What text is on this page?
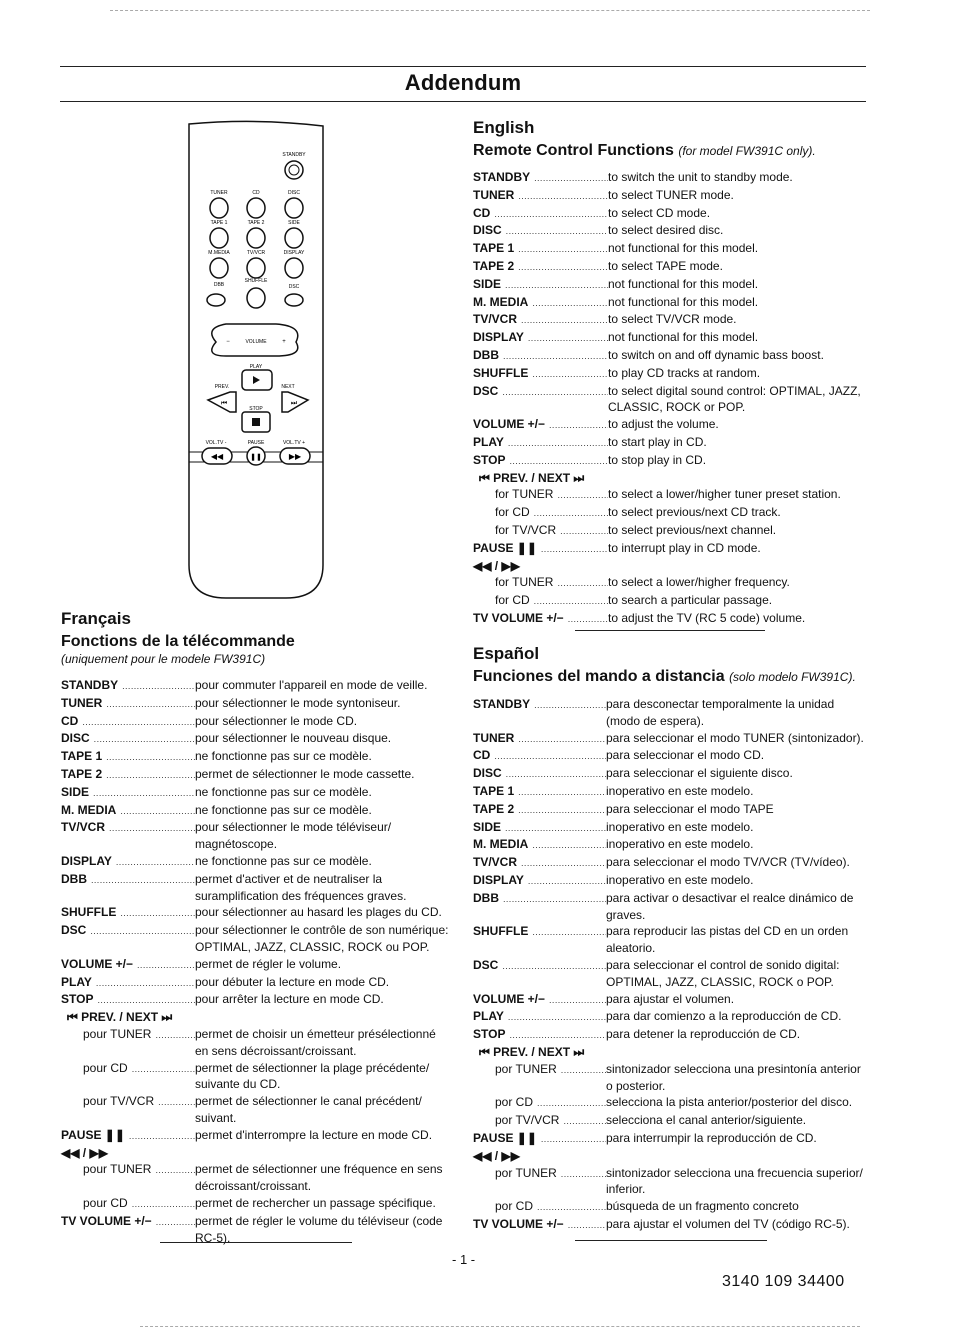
Addendum
STANDBY
TUNER	CD	DISC
TAPE 1	TAPE 2	SIDE
M.MEDIA	TV/VCR	DISPLAY
DBB
SHUFFLE
DSC
VOLUME
−	+
PLAY
PREV.	NEXT
⏮	⏭
STOP
VOL.TV -	PAUSE	VOL.TV +
◀◀	❚❚	▶▶
English
Remote Control Functions (for model FW391C only).
STANDBY .....	to switch the unit to standby mode.
TUNER .....	to select TUNER mode.
CD .....	to select CD mode.
DISC .....	to select desired disc.
TAPE 1 .....	not functional for this model.
TAPE 2 .....	to select TAPE mode.
SIDE .....	not functional for this model.
M. MEDIA .....	not functional for this model.
TV/VCR .....	to select TV/VCR mode.
DISPLAY .....	not functional for this model.
DBB .....	to switch on and off dynamic bass boost.
SHUFFLE .....	to play CD tracks at random.
DSC .....	to select digital sound control: OPTIMAL, JAZZ, CLASSIC, ROCK or POP.
VOLUME +/− .....	to adjust the volume.
PLAY .....	to start play in CD.
STOP .....	to stop play in CD.
⏮ PREV. / NEXT ⏭
for TUNER .....	to select a lower/higher tuner preset station.
for CD .....	to select previous/next CD track.
for TV/VCR .....	to select previous/next channel.
PAUSE ❚❚ .....	to interrupt play in CD mode.
◀◀ / ▶▶
for TUNER .....	to select a lower/higher frequency.
for CD .....	to search a particular passage.
TV VOLUME +/− .....	to adjust the TV (RC 5 code) volume.
Français
Fonctions de la télécommande
(uniquement pour le modele FW391C)
STANDBY .....	pour commuter l'appareil en mode de veille.
TUNER .....	pour sélectionner le mode syntoniseur.
CD .....	pour sélectionner le mode CD.
DISC .....	pour sélectionner le nouveau disque.
TAPE 1 .....	ne fonctionne pas sur ce modèle.
TAPE 2 .....	permet de sélectionner le mode cassette.
SIDE .....	ne fonctionne pas sur ce modèle.
M. MEDIA .....	ne fonctionne pas sur ce modèle.
TV/VCR .....	pour sélectionner le mode téléviseur/ magnétoscope.
DISPLAY .....	ne fonctionne pas sur ce modèle.
DBB .....	permet d'activer et de neutraliser la suramplification des fréquences graves.
SHUFFLE .....	pour sélectionner au hasard les plages du CD.
DSC .....	pour sélectionner le contrôle de son numérique: OPTIMAL, JAZZ, CLASSIC, ROCK ou POP.
VOLUME +/− .....	permet de régler le volume.
PLAY .....	pour débuter la lecture en mode CD.
STOP .....	pour arrêter la lecture en mode CD.
⏮ PREV. / NEXT ⏭
pour TUNER .....	permet de choisir un émetteur présélectionné en sens décroissant/croissant.
pour CD .....	permet de sélectionner la plage précédente/ suivante du CD.
pour TV/VCR .....	permet de sélectionner le canal précédent/ suivant.
PAUSE ❚❚ .....	permet d'interrompre la lecture en mode CD.
◀◀ / ▶▶
pour TUNER .....	permet de sélectionner une fréquence en sens décroissant/croissant.
pour CD .....	permet de rechercher un passage spécifique.
TV VOLUME +/− .....	permet de régler le volume du téléviseur (code RC-5).
Español
Funciones del mando a distancia (solo modelo FW391C).
STANDBY .....	para desconectar temporalmente la unidad (modo de espera).
TUNER .....	para seleccionar el modo TUNER (sintonizador).
CD .....	para seleccionar el modo CD.
DISC .....	para seleccionar el siguiente disco.
TAPE 1 .....	inoperativo en este modelo.
TAPE 2 .....	para seleccionar el modo TAPE
SIDE .....	inoperativo en este modelo.
M. MEDIA .....	inoperativo en este modelo.
TV/VCR .....	para seleccionar el modo TV/VCR (TV/vídeo).
DISPLAY .....	inoperativo en este modelo.
DBB .....	para activar o desactivar el realce dinámico de graves.
SHUFFLE .....	para reproducir las pistas del CD en un orden aleatorio.
DSC .....	para seleccionar el control de sonido digital: OPTIMAL, JAZZ, CLASSIC, ROCK o POP.
VOLUME +/− .....	para ajustar el volumen.
PLAY .....	para dar comienzo a la reproducción de CD.
STOP .....	para detener la reproducción de CD.
⏮ PREV. / NEXT ⏭
por TUNER .....	sintonizador selecciona una presintonía anterior o posterior.
por CD .....	selecciona la pista anterior/posterior del disco.
por TV/VCR .....	selecciona el canal anterior/siguiente.
PAUSE ❚❚ .....	para interrumpir la reproducción de CD.
◀◀ / ▶▶
por TUNER .....	sintonizador selecciona una frecuencia superior/ inferior.
por CD .....	búsqueda de un fragmento concreto
TV VOLUME +/− .....	para ajustar el volumen del TV (código RC-5).
- 1 -
3140 109 34400
